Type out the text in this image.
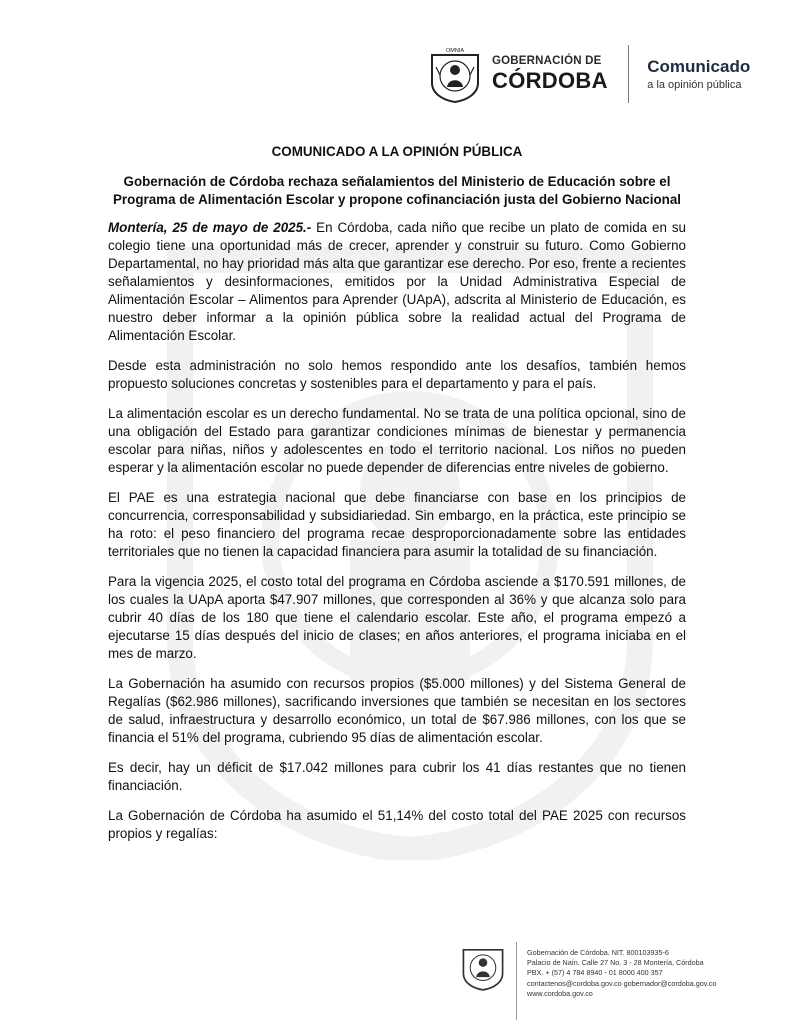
OMNIA
GOBERNACIÓN DE
CÓRDOBA
Comunicado
a la opinión pública
COMUNICADO A LA OPINIÓN PÚBLICA
Gobernación de Córdoba rechaza señalamientos del Ministerio de Educación sobre el Programa de Alimentación Escolar y propone cofinanciación justa del Gobierno Nacional

Montería, 25 de mayo de 2025.- En Córdoba, cada niño que recibe un plato de comida en su colegio tiene una oportunidad más de crecer, aprender y construir su futuro. Como Gobierno Departamental, no hay prioridad más alta que garantizar ese derecho. Por eso, frente a recientes señalamientos y desinformaciones, emitidos por la Unidad Administrativa Especial de Alimentación Escolar – Alimentos para Aprender (UApA), adscrita al Ministerio de Educación, es nuestro deber informar a la opinión pública sobre la realidad actual del Programa de Alimentación Escolar.

Desde esta administración no solo hemos respondido ante los desafíos, también hemos propuesto soluciones concretas y sostenibles para el departamento y para el país.

La alimentación escolar es un derecho fundamental. No se trata de una política opcional, sino de una obligación del Estado para garantizar condiciones mínimas de bienestar y permanencia escolar para niñas, niños y adolescentes en todo el territorio nacional. Los niños no pueden esperar y la alimentación escolar no puede depender de diferencias entre niveles de gobierno.

El PAE es una estrategia nacional que debe financiarse con base en los principios de concurrencia, corresponsabilidad y subsidiariedad. Sin embargo, en la práctica, este principio se ha roto: el peso financiero del programa recae desproporcionadamente sobre las entidades territoriales que no tienen la capacidad financiera para asumir la totalidad de su financiación.

Para la vigencia 2025, el costo total del programa en Córdoba asciende a $170.591 millones, de los cuales la UApA aporta $47.907 millones, que corresponden al 36% y que alcanza solo para cubrir 40 días de los 180 que tiene el calendario escolar. Este año, el programa empezó a ejecutarse 15 días después del inicio de clases; en años anteriores, el programa iniciaba en el mes de marzo.

La Gobernación ha asumido con recursos propios ($5.000 millones) y del Sistema General de Regalías ($62.986 millones), sacrificando inversiones que también se necesitan en los sectores de salud, infraestructura y desarrollo económico, un total de $67.986 millones, con los que se financia el 51% del programa, cubriendo 95 días de alimentación escolar.

Es decir, hay un déficit de $17.042 millones para cubrir los 41 días restantes que no tienen financiación.

La Gobernación de Córdoba ha asumido el 51,14% del costo total del PAE 2025 con recursos propios y regalías:

Gobernación de Córdoba. NIT. 800103935-6
Palacio de Naín. Calle 27 No. 3 - 28 Montería, Córdoba
PBX. + (57) 4 784 8940 - 01 8000 400 357
contactenos@cordoba.gov.co gobernador@cordoba.gov.co
www.cordoba.gov.co
